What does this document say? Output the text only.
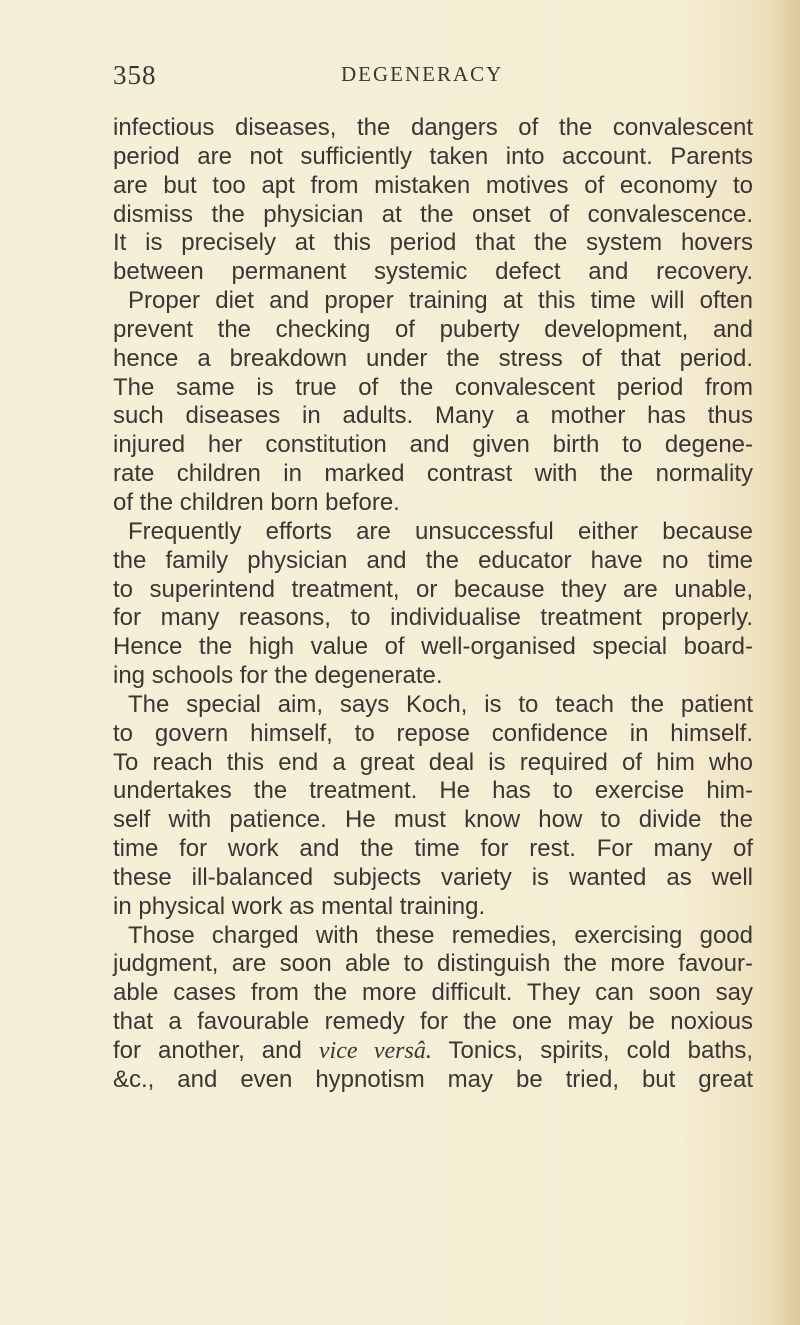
358	DEGENERACY
infectious diseases, the dangers of the convalescent
period are not sufficiently taken into account. Parents
are but too apt from mistaken motives of economy to
dismiss the physician at the onset of convalescence.
It is precisely at this period that the system hovers
between permanent systemic defect and recovery.
Proper diet and proper training at this time will often
prevent the checking of puberty development, and
hence a breakdown under the stress of that period.
The same is true of the convalescent period from
such diseases in adults. Many a mother has thus
injured her constitution and given birth to degene-
rate children in marked contrast with the normality
of the children born before.
Frequently efforts are unsuccessful either because
the family physician and the educator have no time
to superintend treatment, or because they are unable,
for many reasons, to individualise treatment properly.
Hence the high value of well-organised special board-
ing schools for the degenerate.
The special aim, says Koch, is to teach the patient
to govern himself, to repose confidence in himself.
To reach this end a great deal is required of him who
undertakes the treatment. He has to exercise him-
self with patience. He must know how to divide the
time for work and the time for rest. For many of
these ill-balanced subjects variety is wanted as well
in physical work as mental training.
Those charged with these remedies, exercising good
judgment, are soon able to distinguish the more favour-
able cases from the more difficult. They can soon say
that a favourable remedy for the one may be noxious
for another, and vice versâ. Tonics, spirits, cold baths,
&c., and even hypnotism may be tried, but great
